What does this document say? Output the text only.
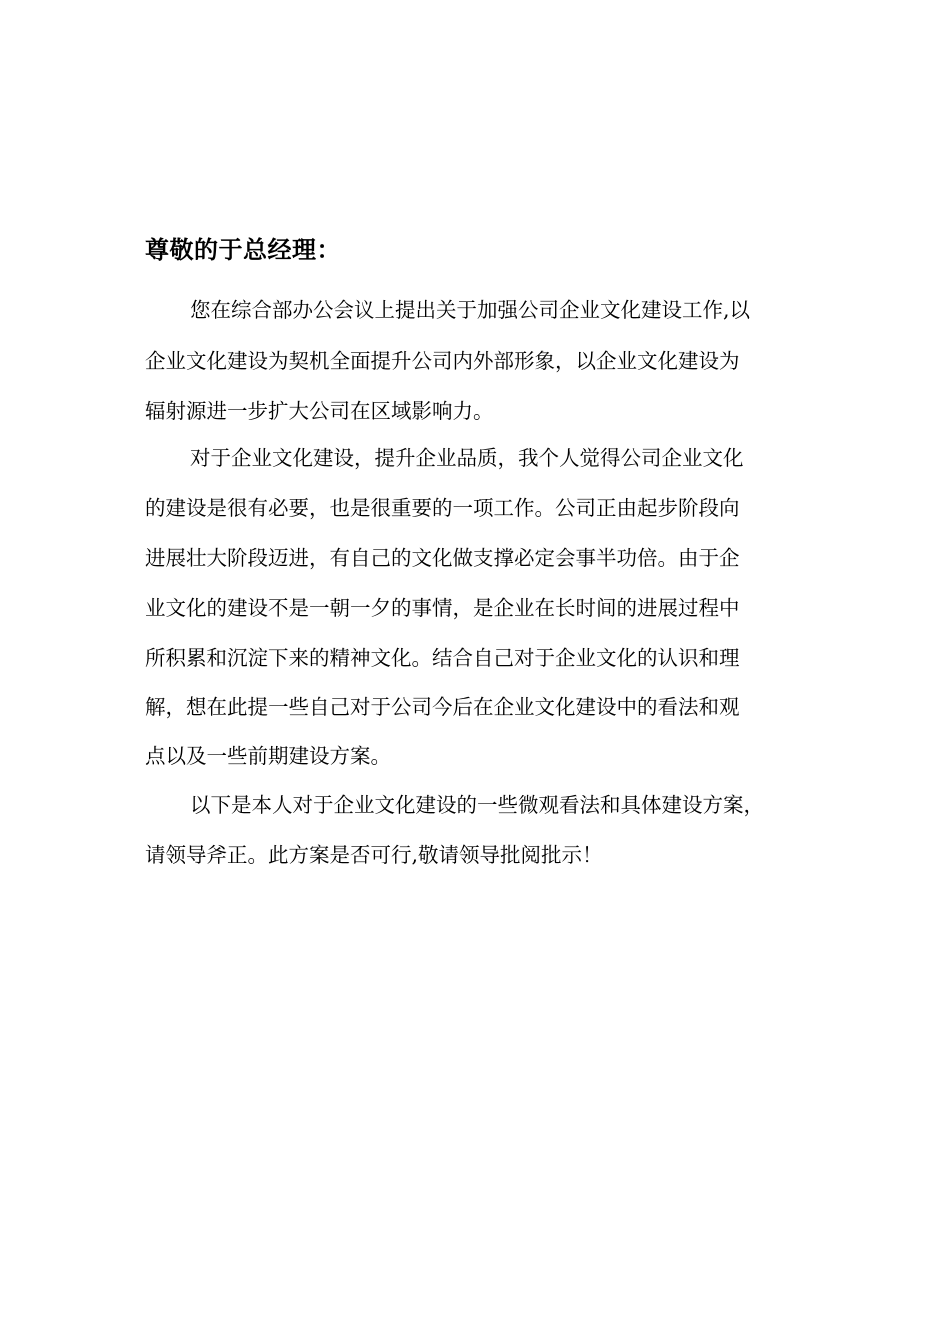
尊敬的于总经理：

您在综合部办公会议上提出关于加强公司企业文化建设工作,以

企业文化建设为契机全面提升公司内外部形象，以企业文化建设为

辐射源进一步扩大公司在区域影响力。

对于企业文化建设，提升企业品质，我个人觉得公司企业文化

的建设是很有必要，也是很重要的一项工作。公司正由起步阶段向

进展壮大阶段迈进，有自己的文化做支撑必定会事半功倍。由于企

业文化的建设不是一朝一夕的事情，是企业在长时间的进展过程中

所积累和沉淀下来的精神文化。结合自己对于企业文化的认识和理

解，想在此提一些自己对于公司今后在企业文化建设中的看法和观

点以及一些前期建设方案。

以下是本人对于企业文化建设的一些微观看法和具体建设方案，

请领导斧正。此方案是否可行,敬请领导批阅批示！
